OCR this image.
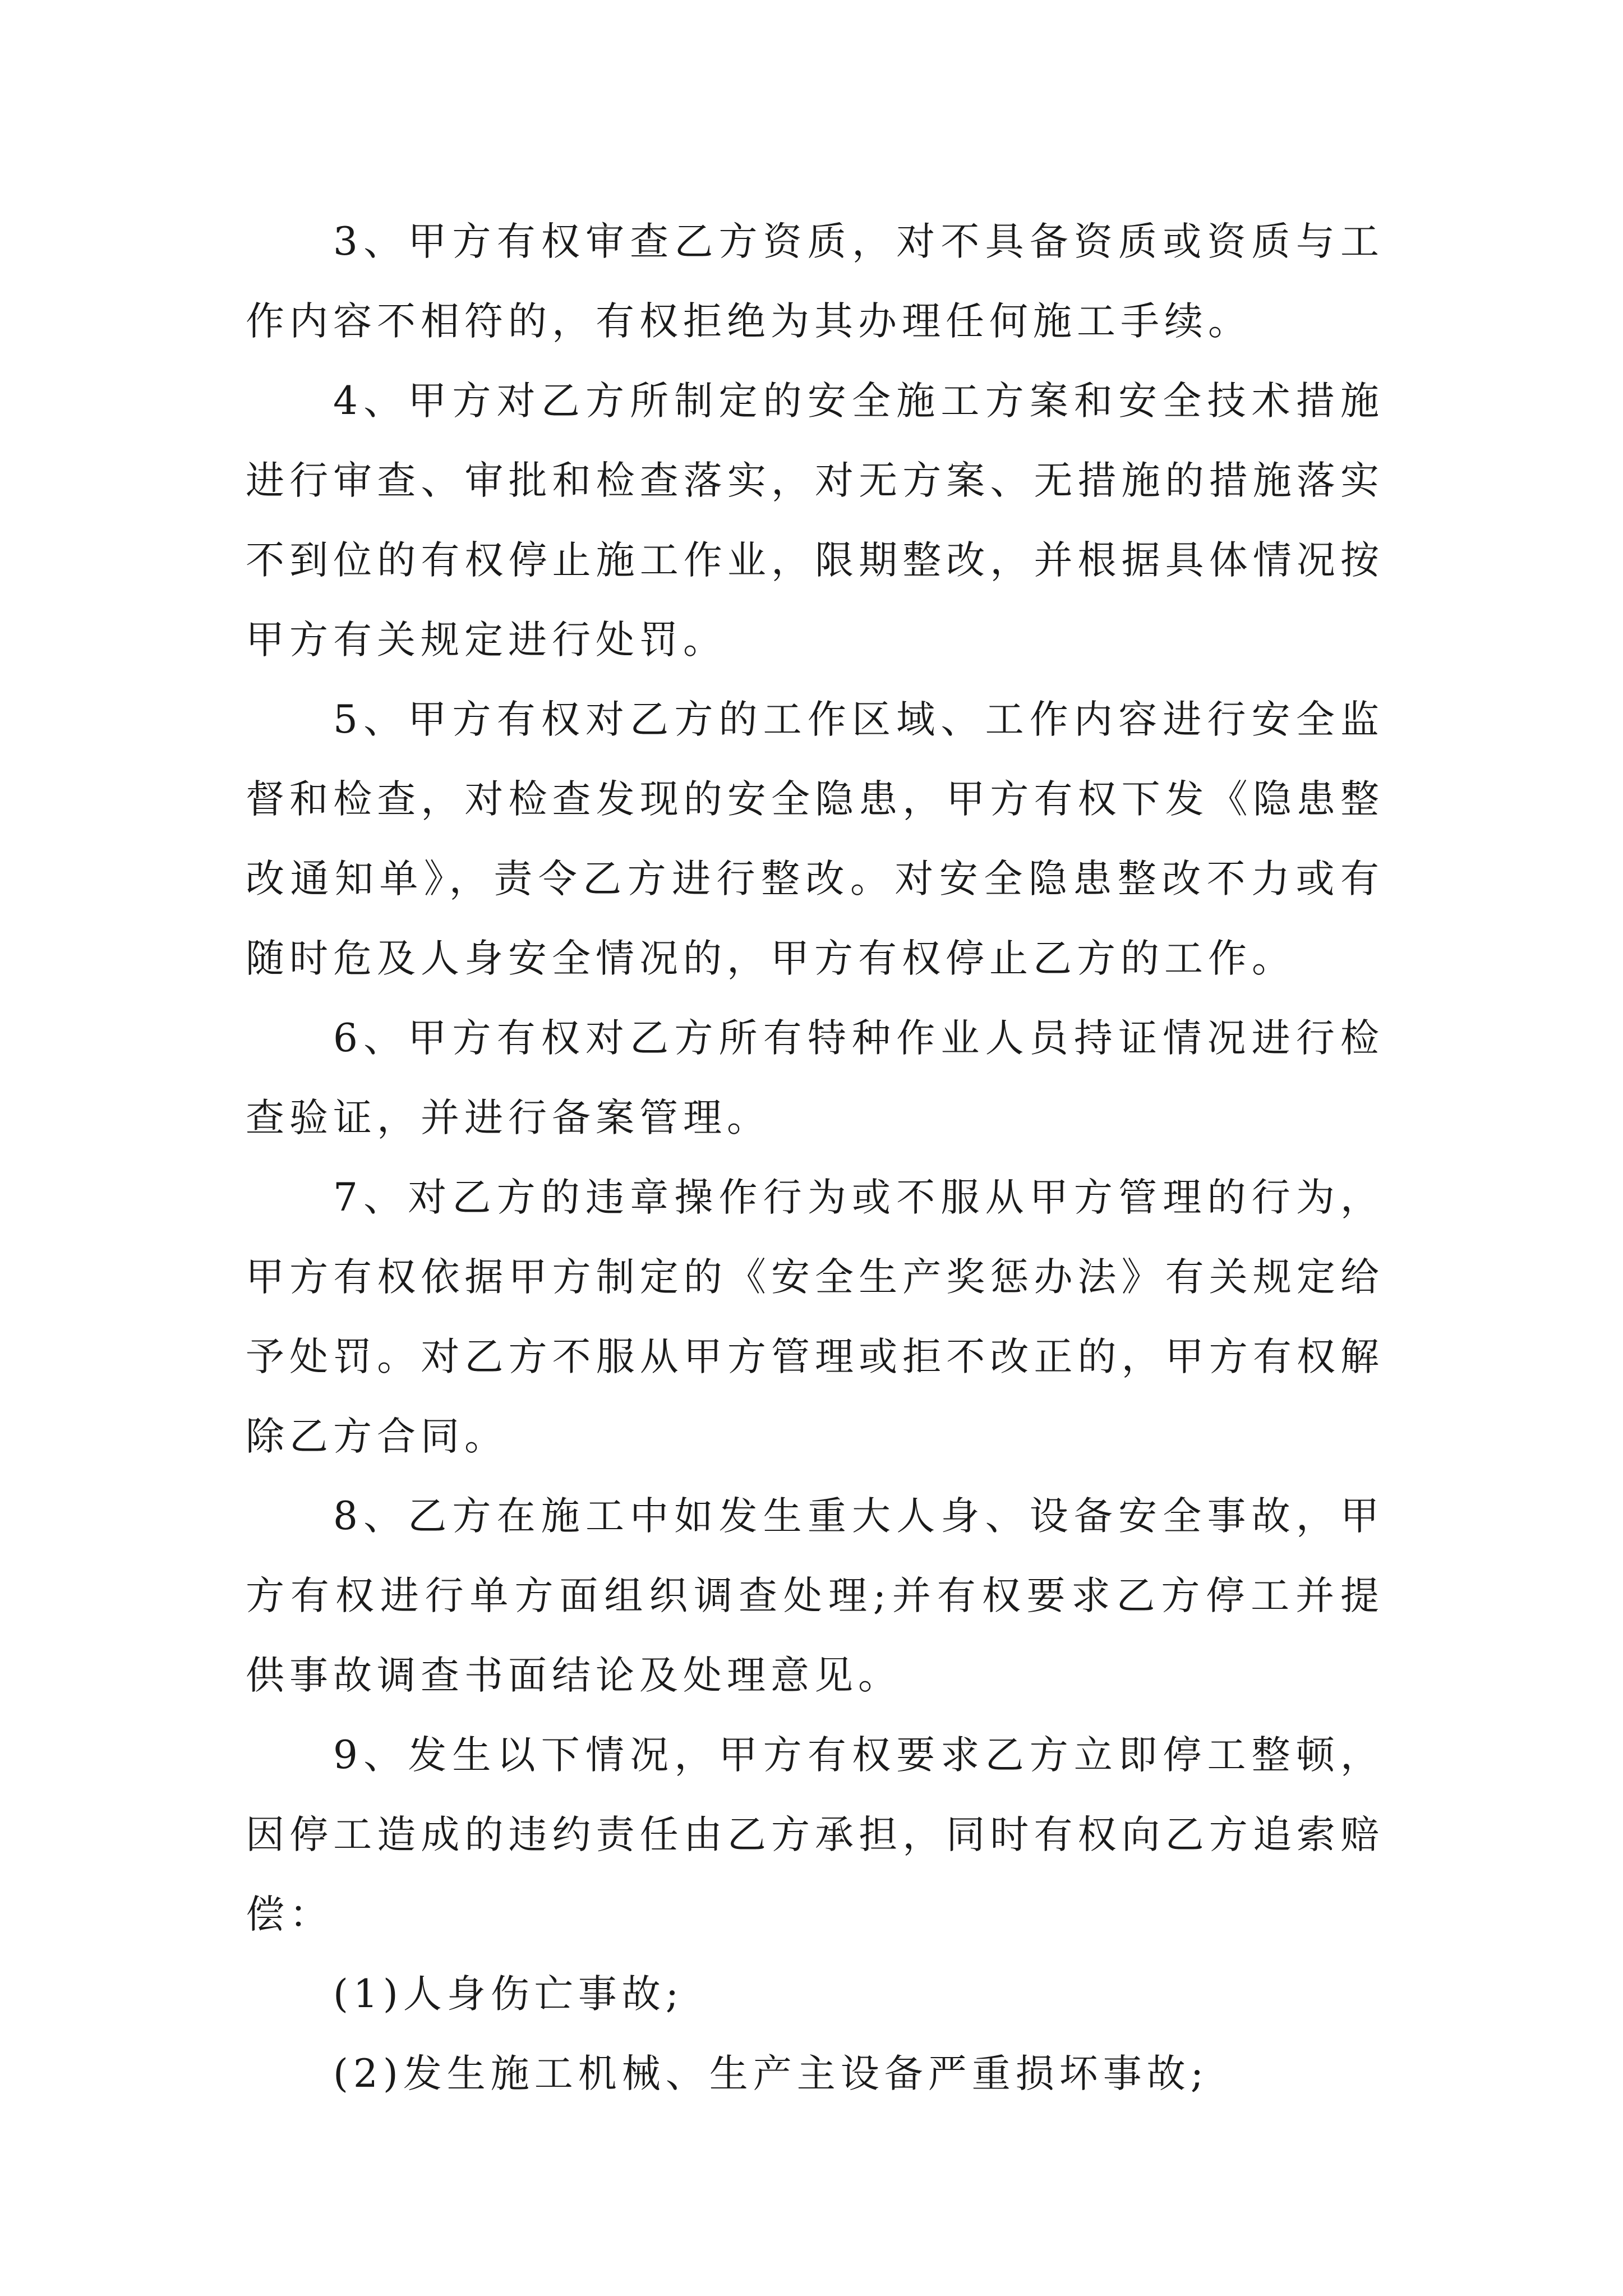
3、甲方有权审查乙方资质，对不具备资质或资质与工作内容不相符的，有权拒绝为其办理任何施工手续。

4、甲方对乙方所制定的安全施工方案和安全技术措施进行审查、审批和检查落实，对无方案、无措施的措施落实不到位的有权停止施工作业，限期整改，并根据具体情况按甲方有关规定进行处罚。

5、甲方有权对乙方的工作区域、工作内容进行安全监督和检查，对检查发现的安全隐患，甲方有权下发《隐患整改通知单》，责令乙方进行整改。对安全隐患整改不力或有随时危及人身安全情况的，甲方有权停止乙方的工作。

6、甲方有权对乙方所有特种作业人员持证情况进行检查验证，并进行备案管理。

7、对乙方的违章操作行为或不服从甲方管理的行为，甲方有权依据甲方制定的《安全生产奖惩办法》有关规定给予处罚。对乙方不服从甲方管理或拒不改正的，甲方有权解除乙方合同。

8、乙方在施工中如发生重大人身、设备安全事故，甲方有权进行单方面组织调查处理;并有权要求乙方停工并提供事故调查书面结论及处理意见。

9、发生以下情况，甲方有权要求乙方立即停工整顿，因停工造成的违约责任由乙方承担，同时有权向乙方追索赔偿：

(1)人身伤亡事故;

(2)发生施工机械、生产主设备严重损坏事故;
